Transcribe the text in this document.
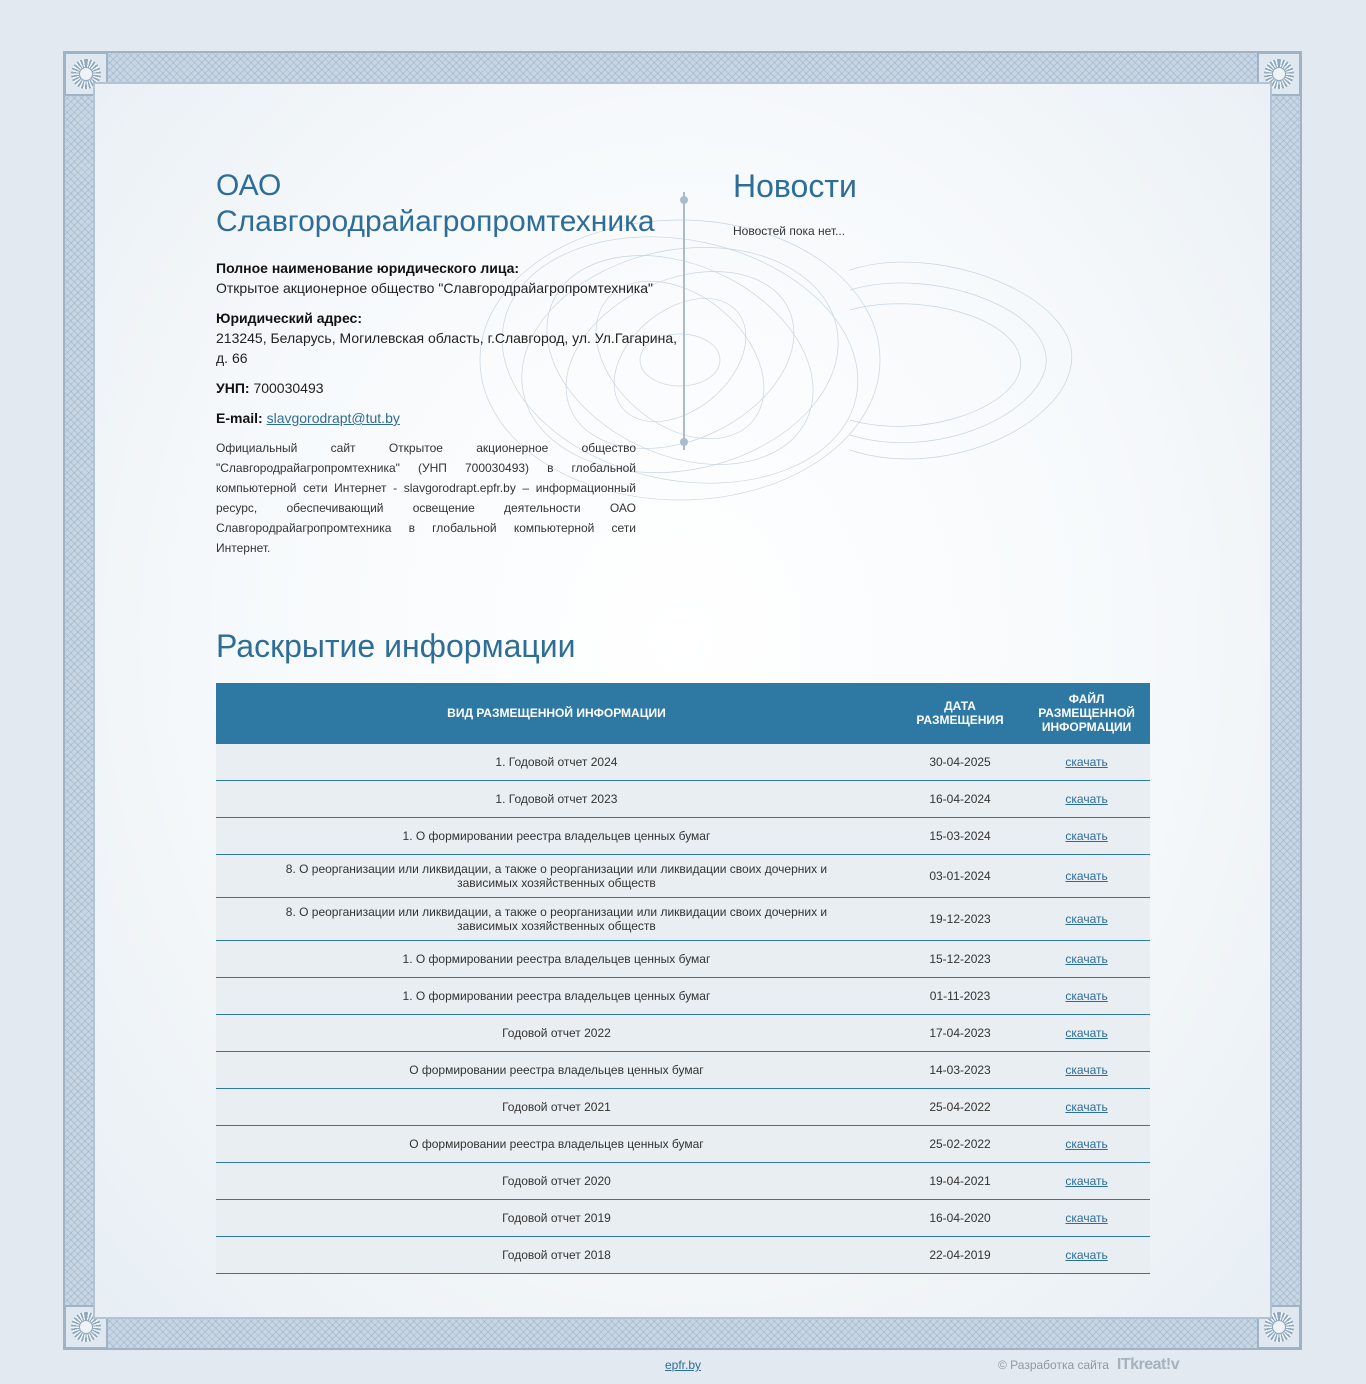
ОАО Славгородрайагропромтехника
Полное наименование юридического лица:
Открытое акционерное общество "Славгородрайагропромтехника"
Юридический адрес:
213245, Беларусь, Могилевская область, г.Славгород, ул. Ул.Гагарина, д. 66
УНП: 700030493
E-mail: slavgorodrapt@tut.by
Официальный сайт Открытое акционерное общество "Славгородрайагропромтехника" (УНП 700030493) в глобальной компьютерной сети Интернет - slavgorodrapt.epfr.by – информационный ресурс, обеспечивающий освещение деятельности ОАО Славгородрайагропромтехника в глобальной компьютерной сети Интернет.
Новости

Новостей пока нет...

Раскрытие информации
ВИД РАЗМЕЩЕННОЙ ИНФОРМАЦИИ	ДАТА РАЗМЕЩЕНИЯ	ФАЙЛ РАЗМЕЩЕННОЙ ИНФОРМАЦИИ
1. Годовой отчет 2024	30-04-2025	скачать
1. Годовой отчет 2023	16-04-2024	скачать
1. О формировании реестра владельцев ценных бумаг	15-03-2024	скачать
8. О реорганизации или ликвидации, а также о реорганизации или ликвидации своих дочерних и зависимых хозяйственных обществ	03-01-2024	скачать
8. О реорганизации или ликвидации, а также о реорганизации или ликвидации своих дочерних и зависимых хозяйственных обществ	19-12-2023	скачать
1. О формировании реестра владельцев ценных бумаг	15-12-2023	скачать
1. О формировании реестра владельцев ценных бумаг	01-11-2023	скачать
Годовой отчет 2022	17-04-2023	скачать
О формировании реестра владельцев ценных бумаг	14-03-2023	скачать
Годовой отчет 2021	25-04-2022	скачать
О формировании реестра владельцев ценных бумаг	25-02-2022	скачать
Годовой отчет 2020	19-04-2021	скачать
Годовой отчет 2019	16-04-2020	скачать
Годовой отчет 2018	22-04-2019	скачать
epfr.by	© Разработка сайта ITkreat!v
